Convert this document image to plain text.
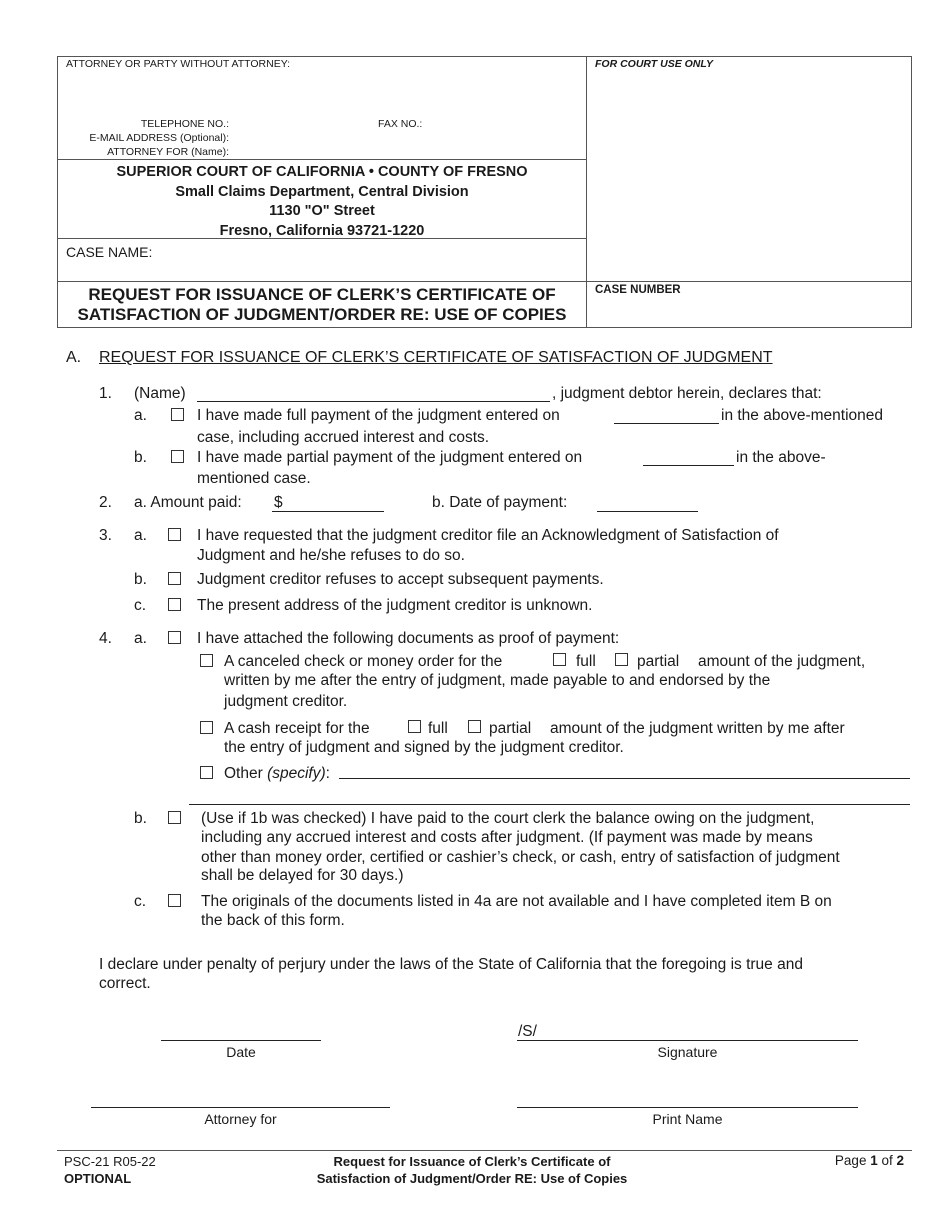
ATTORNEY OR PARTY WITHOUT ATTORNEY:
TELEPHONE NO.:	FAX NO.:
E-MAIL ADDRESS (Optional):
ATTORNEY FOR (Name):
FOR COURT USE ONLY
SUPERIOR COURT OF CALIFORNIA • COUNTY OF FRESNO
Small Claims Department, Central Division
1130 "O" Street
Fresno, California 93721-1220
CASE NAME:
REQUEST FOR ISSUANCE OF CLERK’S CERTIFICATE OF
SATISFACTION OF JUDGMENT/ORDER RE: USE OF COPIES
CASE NUMBER
A. REQUEST FOR ISSUANCE OF CLERK’S CERTIFICATE OF SATISFACTION OF JUDGMENT
1. (Name)	, judgment debtor herein, declares that:
a.	I have made full payment of the judgment entered on	in the above-mentioned
case, including accrued interest and costs.
b.	I have made partial payment of the judgment entered on	in the above-
mentioned case.
2. a. Amount paid: $	b. Date of payment:
3. a.	I have requested that the judgment creditor file an Acknowledgment of Satisfaction of
Judgment and he/she refuses to do so.
b.	Judgment creditor refuses to accept subsequent payments.
c.	The present address of the judgment creditor is unknown.
4. a.	I have attached the following documents as proof of payment:
A canceled check or money order for the	full	partial amount of the judgment,
written by me after the entry of judgment, made payable to and endorsed by the
judgment creditor.
A cash receipt for the	full	partial amount of the judgment written by me after
the entry of judgment and signed by the judgment creditor.
Other (specify):
b.	(Use if 1b was checked) I have paid to the court clerk the balance owing on the judgment,
including any accrued interest and costs after judgment. (If payment was made by means
other than money order, certified or cashier’s check, or cash, entry of satisfaction of judgment
shall be delayed for 30 days.)
c.	The originals of the documents listed in 4a are not available and I have completed item B on
the back of this form.
I declare under penalty of perjury under the laws of the State of California that the foregoing is true and
correct.
Date
/S/
Signature
Attorney for	Print Name
PSC-21 R05-22
OPTIONAL
Request for Issuance of Clerk’s Certificate of
Satisfaction of Judgment/Order RE: Use of Copies
Page 1 of 2
